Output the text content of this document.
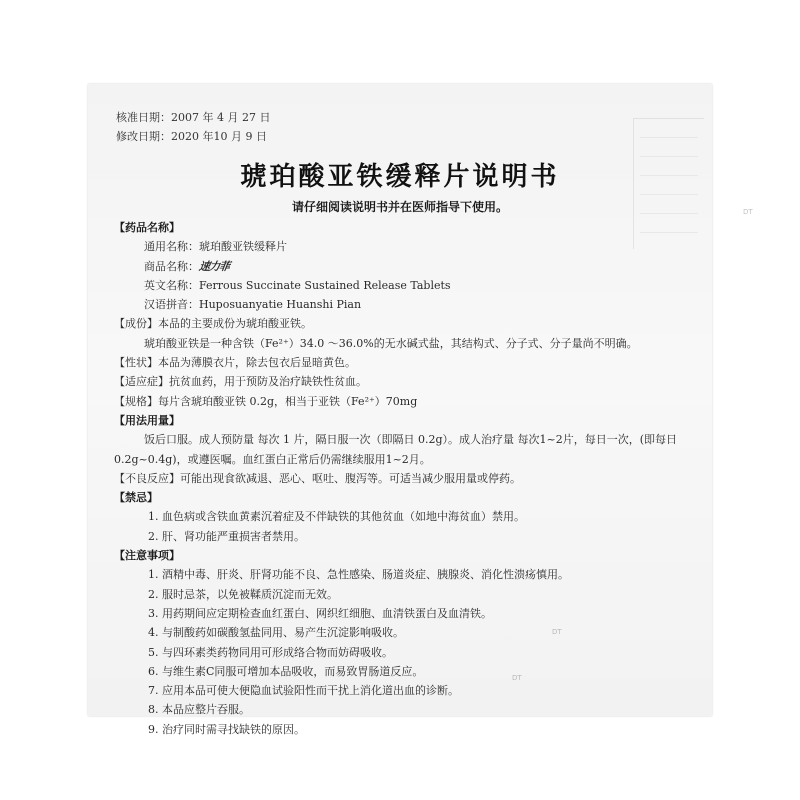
核准日期：2007 年 4 月 27 日
修改日期：2020 年10 月 9 日
琥珀酸亚铁缓释片说明书
请仔细阅读说明书并在医师指导下使用。
【药品名称】
通用名称：琥珀酸亚铁缓释片
商品名称：速力菲
英文名称：Ferrous Succinate Sustained Release Tablets
汉语拼音：Huposuanyatie Huanshi Pian
【成份】本品的主要成份为琥珀酸亚铁。
琥珀酸亚铁是一种含铁（Fe²⁺）34.0 ～36.0%的无水碱式盐，其结构式、分子式、分子量尚不明确。
【性状】本品为薄膜衣片，除去包衣后显暗黄色。
【适应症】抗贫血药，用于预防及治疗缺铁性贫血。
【规格】每片含琥珀酸亚铁 0.2g，相当于亚铁（Fe²⁺）70mg
【用法用量】
饭后口服。成人预防量 每次 1 片，隔日服一次（即隔日 0.2g）。成人治疗量 每次1~2片，每日一次，(即每日
0.2g~0.4g)，或遵医嘱。血红蛋白正常后仍需继续服用1~2月。
【不良反应】可能出现食欲减退、恶心、呕吐、腹泻等。可适当减少服用量或停药。
【禁忌】
1. 血色病或含铁血黄素沉着症及不伴缺铁的其他贫血（如地中海贫血）禁用。
2. 肝、肾功能严重损害者禁用。
【注意事项】
1. 酒精中毒、肝炎、肝肾功能不良、急性感染、肠道炎症、胰腺炎、消化性溃疡慎用。
2. 服时忌茶，以免被鞣质沉淀而无效。
3. 用药期间应定期检查血红蛋白、网织红细胞、血清铁蛋白及血清铁。
4. 与制酸药如碳酸氢盐同用、易产生沉淀影响吸收。
5. 与四环素类药物同用可形成络合物而妨碍吸收。
6. 与维生素C同服可增加本品吸收，而易致胃肠道反应。
7. 应用本品可使大便隐血试验阳性而干扰上消化道出血的诊断。
8. 本品应整片吞服。
9. 治疗同时需寻找缺铁的原因。
DT
DT
DT
